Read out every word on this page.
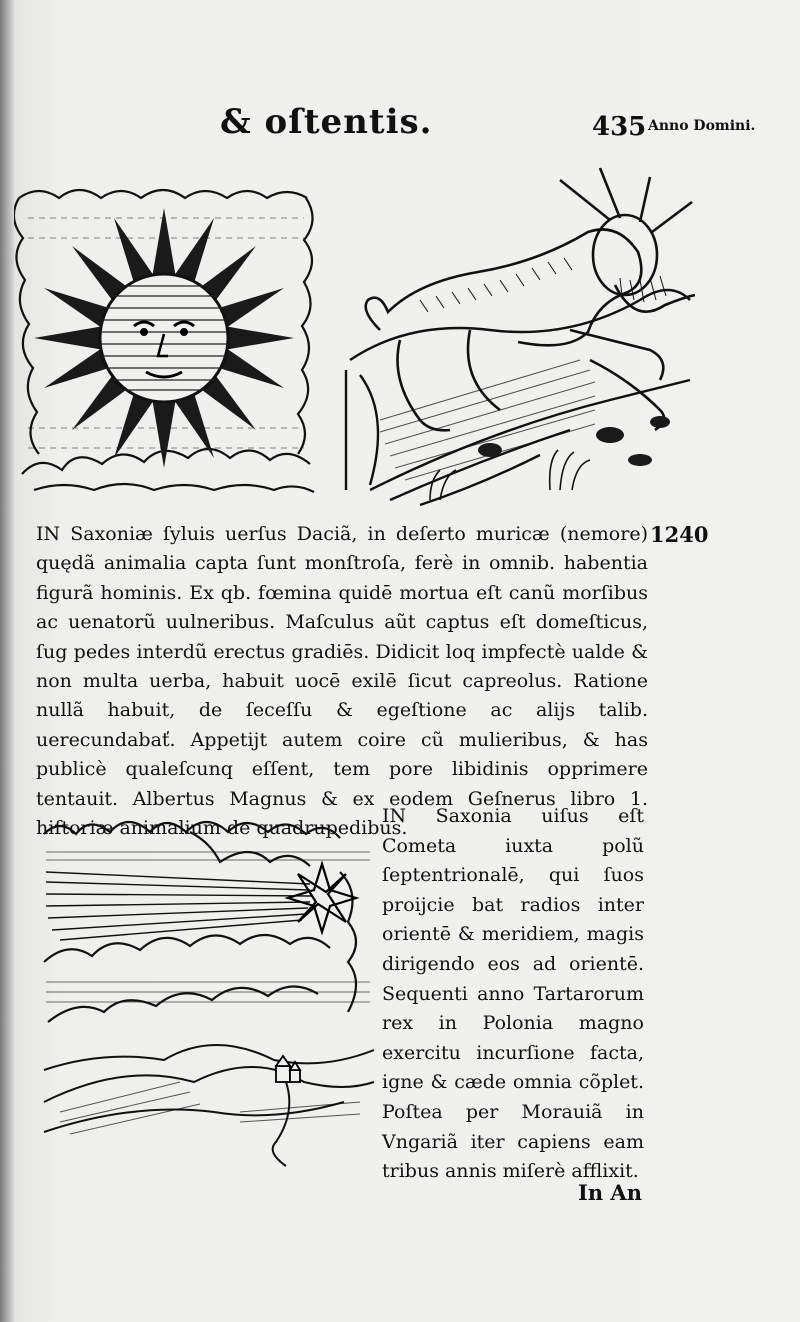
& oſtentis.	435 Anno Domini.

IN Saxoniæ ſyluis uerſus Daciã, in deſerto muricæ (nemore) quędã animalia capta ſunt monſtroſa, ferè in omnib. habentia figurã hominis. Ex qb. fœmina quidē mortua eſt canũ morſibus ac uenatorũ uulneribus. Maſculus aũt captus eſt domeſticus, ſug pedes interdũ erectus gradiēs. Didicit loq impfectè ualde & non multa uerba, habuit uocē exilē ſicut capreolus. Ratione nullã habuit, de ſeceſſu & egeſtione ac alijs talib. uerecundabať. Appetijt autem coire cũ mulieribus, & has publicè qualeſcunq eſſent, tem pore libidinis opprimere tentauit. Albertus Magnus & ex eodem Geſnerus libro 1. hiſtoriæ animalium de quadrupedibus.

1240

IN Saxonia uiſus eſt Cometa iuxta polũ ſeptentrionalē, qui ſuos proijcie bat radios inter orientē & meridiem, magis dirigendo eos ad orientē. Sequenti anno Tartarorum rex in Polonia magno exercitu incurſione facta, igne & cæde omnia cõplet. Poſtea per Morauiã in Vngariã iter capiens eam tribus annis miſerè afflixit.

In An
